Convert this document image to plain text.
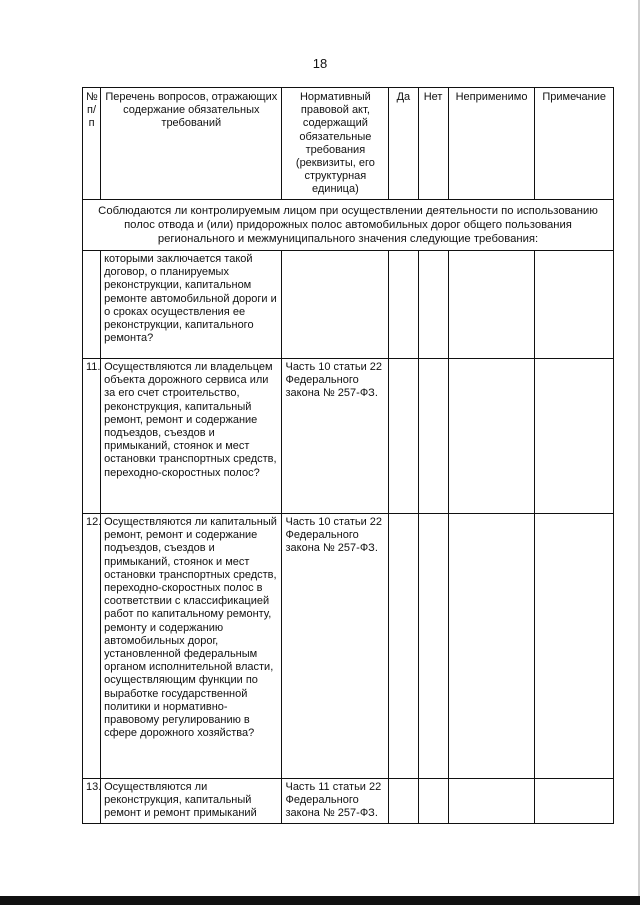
18
№ п/п	Перечень вопросов, отражающих содержание обязательных требований	Нормативный правовой акт, содержащий обязательные требования (реквизиты, его структурная единица)	Да	Нет	Неприменимо	Примечание
Соблюдаются ли контролируемым лицом при осуществлении деятельности по использованию полос отвода и (или) придорожных полос автомобильных дорог общего пользования регионального и межмуниципального значения следующие требования:						
	которыми заключается такой договор, о планируемых реконструкции, капитальном ремонте автомобильной дороги и о сроках осуществления ее реконструкции, капитального ремонта?					
11.	Осуществляются ли владельцем объекта дорожного сервиса или за его счет строительство, реконструкция, капитальный ремонт, ремонт и содержание подъездов, съездов и примыканий, стоянок и мест остановки транспортных средств, переходно-скоростных полос?	Часть 10 статьи 22 Федерального закона № 257-ФЗ.				
12.	Осуществляются ли капитальный ремонт, ремонт и содержание подъездов, съездов и примыканий, стоянок и мест остановки транспортных средств, переходно-скоростных полос в соответствии с классификацией работ по капитальному ремонту, ремонту и содержанию автомобильных дорог, установленной федеральным органом исполнительной власти, осуществляющим функции по выработке государственной политики и нормативно-правовому регулированию в сфере дорожного хозяйства?	Часть 10 статьи 22 Федерального закона № 257-ФЗ.				
13.	Осуществляются ли реконструкция, капитальный ремонт и ремонт примыканий	Часть 11 статьи 22 Федерального закона № 257-ФЗ.				
